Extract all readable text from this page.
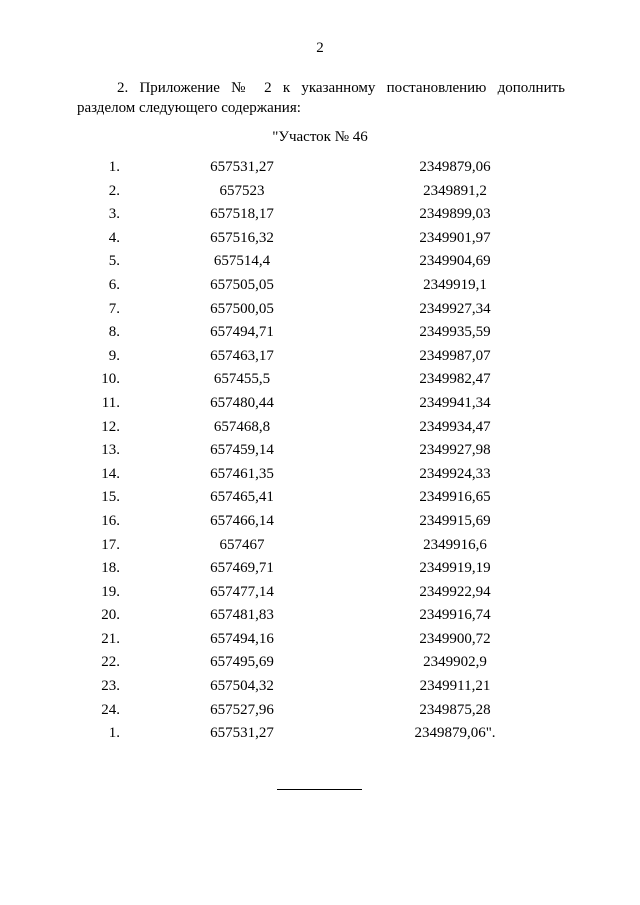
2
2. Приложение № 2 к указанному постановлению дополнить
разделом следующего содержания:
"Участок № 46
1.	657531,27	2349879,06
2.	657523	2349891,2
3.	657518,17	2349899,03
4.	657516,32	2349901,97
5.	657514,4	2349904,69
6.	657505,05	2349919,1
7.	657500,05	2349927,34
8.	657494,71	2349935,59
9.	657463,17	2349987,07
10.	657455,5	2349982,47
11.	657480,44	2349941,34
12.	657468,8	2349934,47
13.	657459,14	2349927,98
14.	657461,35	2349924,33
15.	657465,41	2349916,65
16.	657466,14	2349915,69
17.	657467	2349916,6
18.	657469,71	2349919,19
19.	657477,14	2349922,94
20.	657481,83	2349916,74
21.	657494,16	2349900,72
22.	657495,69	2349902,9
23.	657504,32	2349911,21
24.	657527,96	2349875,28
1.	657531,27	2349879,06".
